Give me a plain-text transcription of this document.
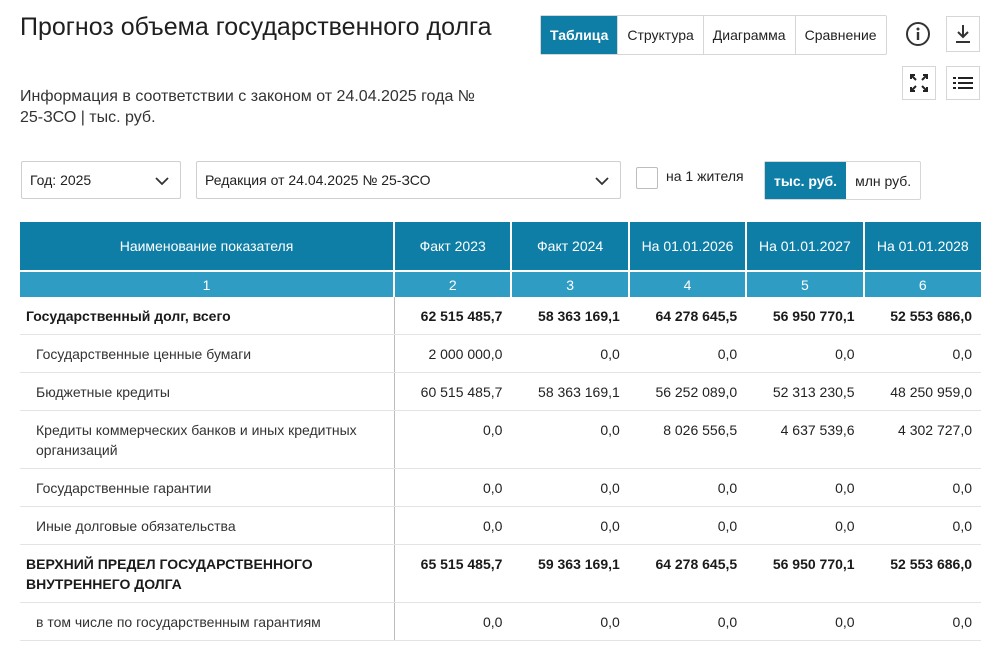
Прогноз объема государственного долга
Информация в соответствии с законом от 24.04.2025 года № 25-ЗСО | тыс. руб.
Таблица	Структура	Диаграмма	Сравнение
Год: 2025	Редакция от 24.04.2025 № 25-ЗСО	на 1 жителя	тыс. руб.	млн руб.
Наименование показателя	Факт 2023	Факт 2024	На 01.01.2026	На 01.01.2027	На 01.01.2028
1	2	3	4	5	6
Государственный долг, всего	62 515 485,7	58 363 169,1	64 278 645,5	56 950 770,1	52 553 686,0
Государственные ценные бумаги	2 000 000,0	0,0	0,0	0,0	0,0
Бюджетные кредиты	60 515 485,7	58 363 169,1	56 252 089,0	52 313 230,5	48 250 959,0
Кредиты коммерческих банков и иных кредитных организаций	0,0	0,0	8 026 556,5	4 637 539,6	4 302 727,0
Государственные гарантии	0,0	0,0	0,0	0,0	0,0
Иные долговые обязательства	0,0	0,0	0,0	0,0	0,0
ВЕРХНИЙ ПРЕДЕЛ ГОСУДАРСТВЕННОГО ВНУТРЕННЕГО ДОЛГА	65 515 485,7	59 363 169,1	64 278 645,5	56 950 770,1	52 553 686,0
в том числе по государственным гарантиям	0,0	0,0	0,0	0,0	0,0
